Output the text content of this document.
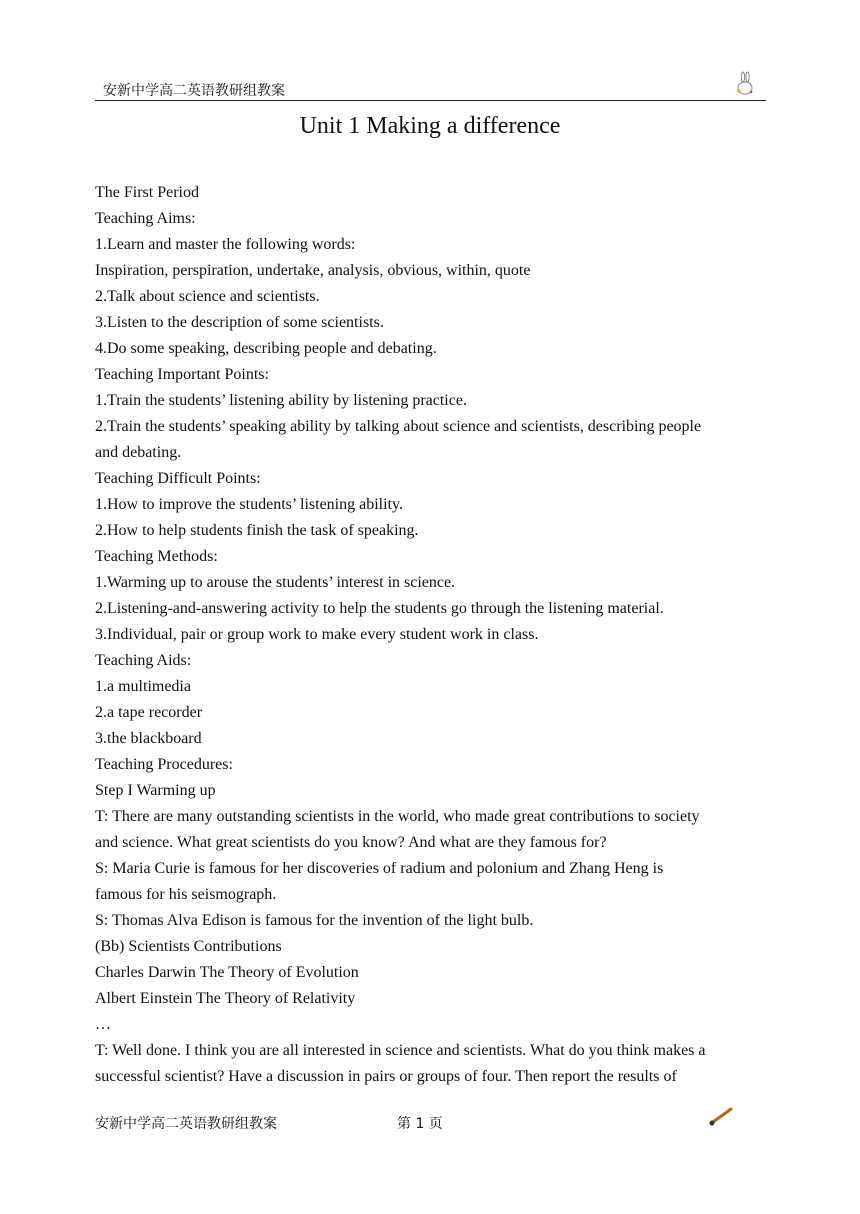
安新中学高二英语教研组教案
Unit 1 Making a difference
The First Period
Teaching Aims:
1.Learn and master the following words:
Inspiration, perspiration, undertake, analysis, obvious, within, quote
2.Talk about science and scientists.
3.Listen to the description of some scientists.
4.Do some speaking, describing people and debating.
Teaching Important Points:
1.Train the students’ listening ability by listening practice.
2.Train the students’ speaking ability by talking about science and scientists, describing people
and debating.
Teaching Difficult Points:
1.How to improve the students’ listening ability.
2.How to help students finish the task of speaking.
Teaching Methods:
1.Warming up to arouse the students’ interest in science.
2.Listening-and-answering activity to help the students go through the listening material.
3.Individual, pair or group work to make every student work in class.
Teaching Aids:
1.a multimedia
2.a tape recorder
3.the blackboard
Teaching Procedures:
Step I Warming up
T: There are many outstanding scientists in the world, who made great contributions to society
and science. What great scientists do you know? And what are they famous for?
S: Maria Curie is famous for her discoveries of radium and polonium and Zhang Heng is
famous for his seismograph.
S: Thomas Alva Edison is famous for the invention of the light bulb.
(Bb) Scientists Contributions
Charles Darwin The Theory of Evolution
Albert Einstein The Theory of Relativity
…
T: Well done. I think you are all interested in science and scientists. What do you think makes a
successful scientist? Have a discussion in pairs or groups of four. Then report the results of
安新中学高二英语教研组教案	第 1 页
